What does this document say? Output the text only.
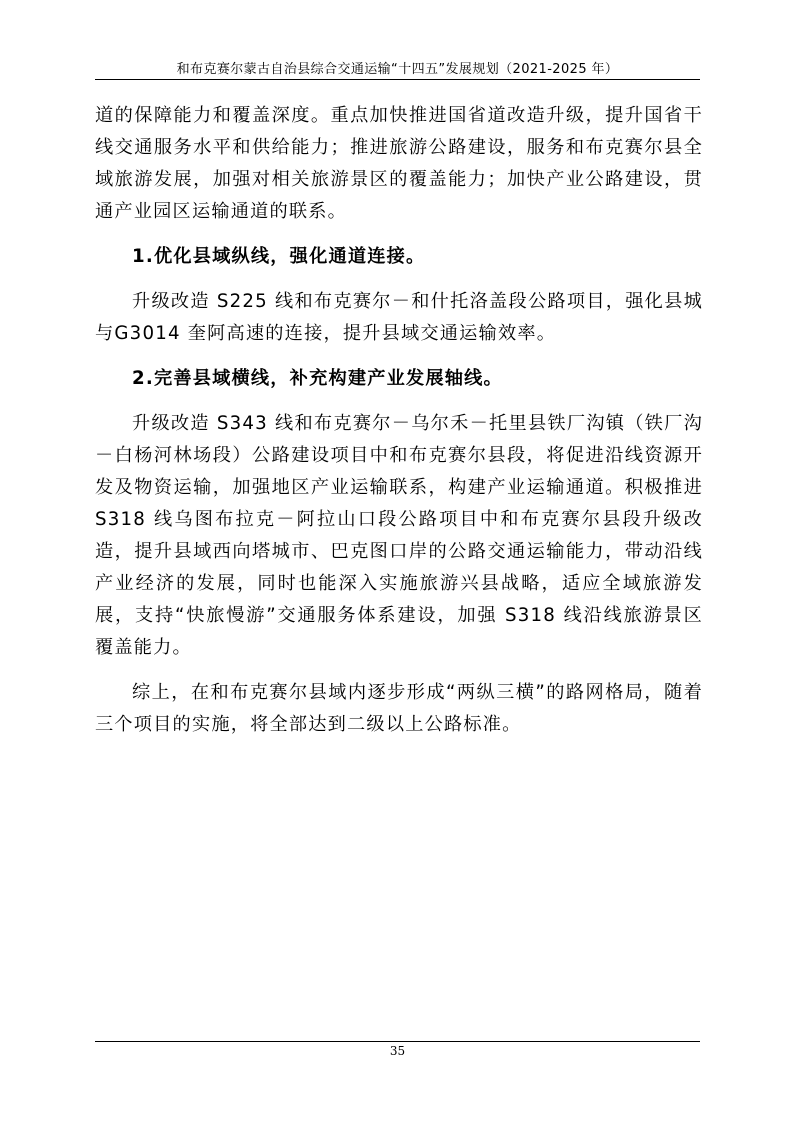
和布克赛尔蒙古自治县综合交通运输“十四五”发展规划（2021-2025 年）

道的保障能力和覆盖深度。重点加快推进国省道改造升级，提升国省干线交通服务水平和供给能力；推进旅游公路建设，服务和布克赛尔县全域旅游发展，加强对相关旅游景区的覆盖能力；加快产业公路建设，贯通产业园区运输通道的联系。

1.优化县域纵线，强化通道连接。

升级改造 S225 线和布克赛尔－和什托洛盖段公路项目，强化县城与G3014 奎阿高速的连接，提升县域交通运输效率。

2.完善县域横线，补充构建产业发展轴线。

升级改造 S343 线和布克赛尔－乌尔禾－托里县铁厂沟镇（铁厂沟－白杨河林场段）公路建设项目中和布克赛尔县段，将促进沿线资源开发及物资运输，加强地区产业运输联系，构建产业运输通道。积极推进 S318 线乌图布拉克－阿拉山口段公路项目中和布克赛尔县段升级改造，提升县域西向塔城市、巴克图口岸的公路交通运输能力，带动沿线产业经济的发展，同时也能深入实施旅游兴县战略，适应全域旅游发展，支持“快旅慢游”交通服务体系建设，加强 S318 线沿线旅游景区覆盖能力。

综上，在和布克赛尔县域内逐步形成“两纵三横”的路网格局，随着三个项目的实施，将全部达到二级以上公路标准。

35
